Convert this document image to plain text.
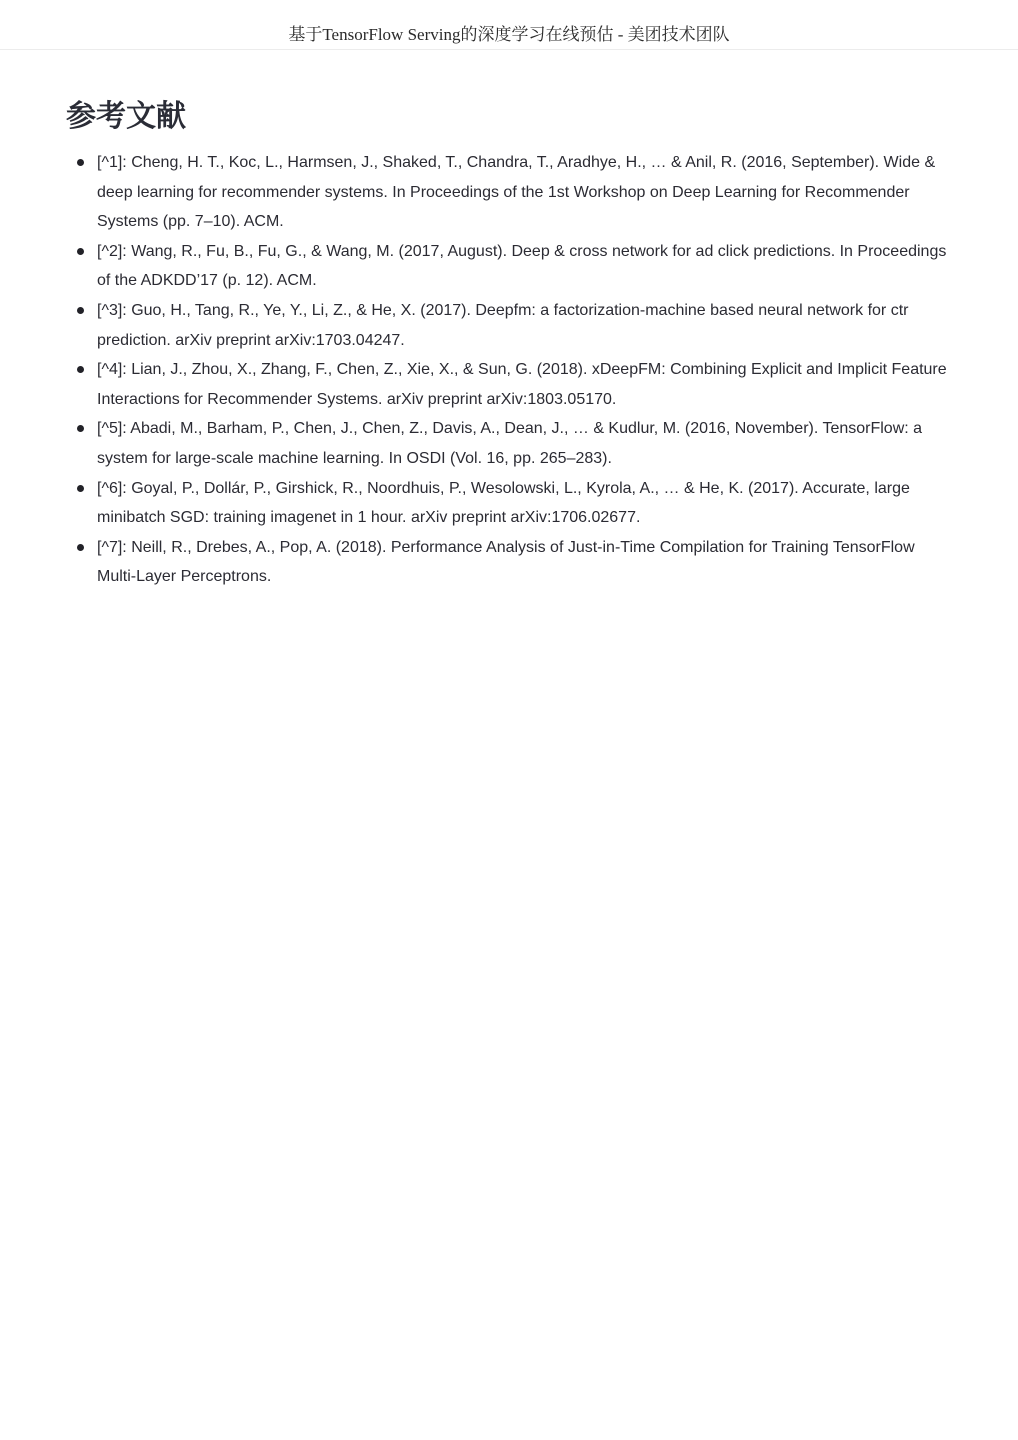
基于TensorFlow Serving的深度学习在线预估 - 美团技术团队
参考文献
[^1]: Cheng, H. T., Koc, L., Harmsen, J., Shaked, T., Chandra, T., Aradhye, H., … & Anil, R. (2016, September). Wide & deep learning for recommender systems. In Proceedings of the 1st Workshop on Deep Learning for Recommender Systems (pp. 7–10). ACM.
[^2]: Wang, R., Fu, B., Fu, G., & Wang, M. (2017, August). Deep & cross network for ad click predictions. In Proceedings of the ADKDD’17 (p. 12). ACM.
[^3]: Guo, H., Tang, R., Ye, Y., Li, Z., & He, X. (2017). Deepfm: a factorization-machine based neural network for ctr prediction. arXiv preprint arXiv:1703.04247.
[^4]: Lian, J., Zhou, X., Zhang, F., Chen, Z., Xie, X., & Sun, G. (2018). xDeepFM: Combining Explicit and Implicit Feature Interactions for Recommender Systems. arXiv preprint arXiv:1803.05170.
[^5]: Abadi, M., Barham, P., Chen, J., Chen, Z., Davis, A., Dean, J., … & Kudlur, M. (2016, November). TensorFlow: a system for large-scale machine learning. In OSDI (Vol. 16, pp. 265–283).
[^6]: Goyal, P., Dollár, P., Girshick, R., Noordhuis, P., Wesolowski, L., Kyrola, A., … & He, K. (2017). Accurate, large minibatch SGD: training imagenet in 1 hour. arXiv preprint arXiv:1706.02677.
[^7]: Neill, R., Drebes, A., Pop, A. (2018). Performance Analysis of Just-in-Time Compilation for Training TensorFlow Multi-Layer Perceptrons.
